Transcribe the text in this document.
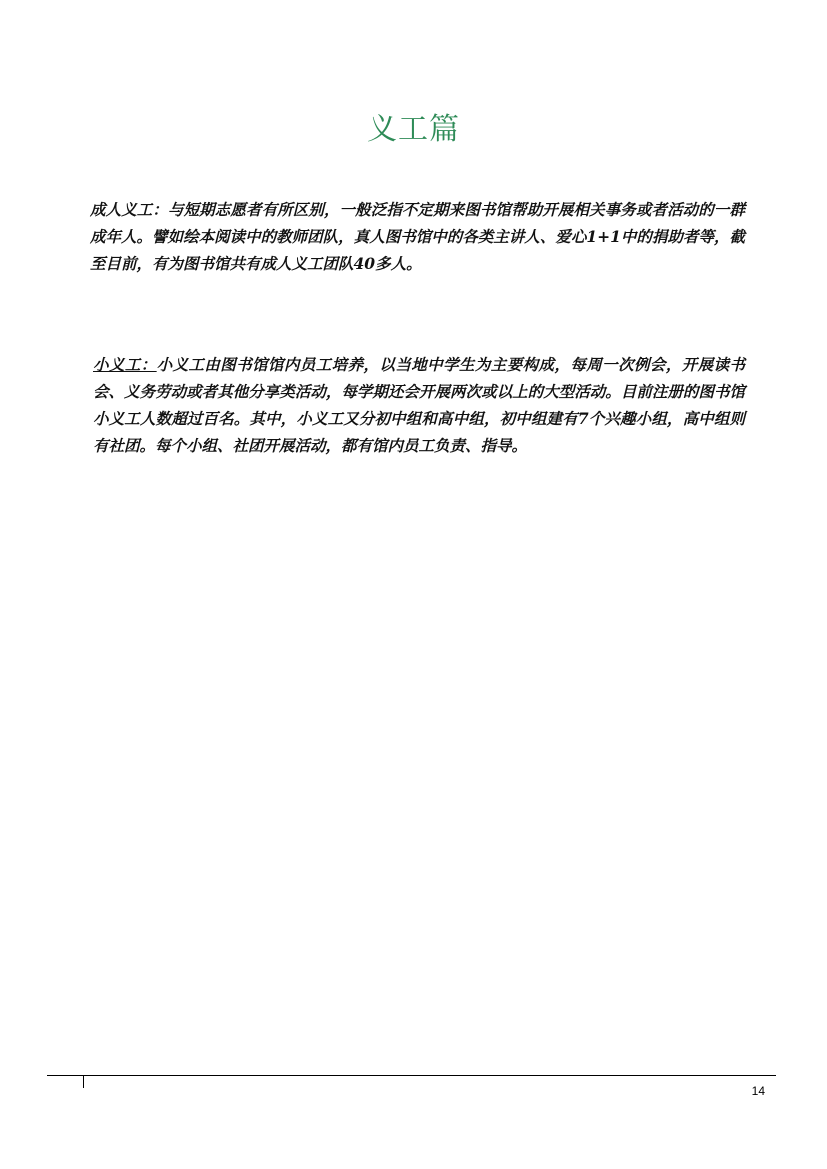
义工篇
成人义工：与短期志愿者有所区别，一般泛指不定期来图书馆帮助开展相关事务或者活动的一群成年人。譬如绘本阅读中的教师团队，真人图书馆中的各类主讲人、爱心1+1中的捐助者等，截至目前，有为图书馆共有成人义工团队40多人。
小义工：小义工由图书馆馆内员工培养，以当地中学生为主要构成，每周一次例会，开展读书会、义务劳动或者其他分享类活动，每学期还会开展两次或以上的大型活动。目前注册的图书馆小义工人数超过百名。其中，小义工又分初中组和高中组，初中组建有7个兴趣小组，高中组则有社团。每个小组、社团开展活动，都有馆内员工负责、指导。
14
